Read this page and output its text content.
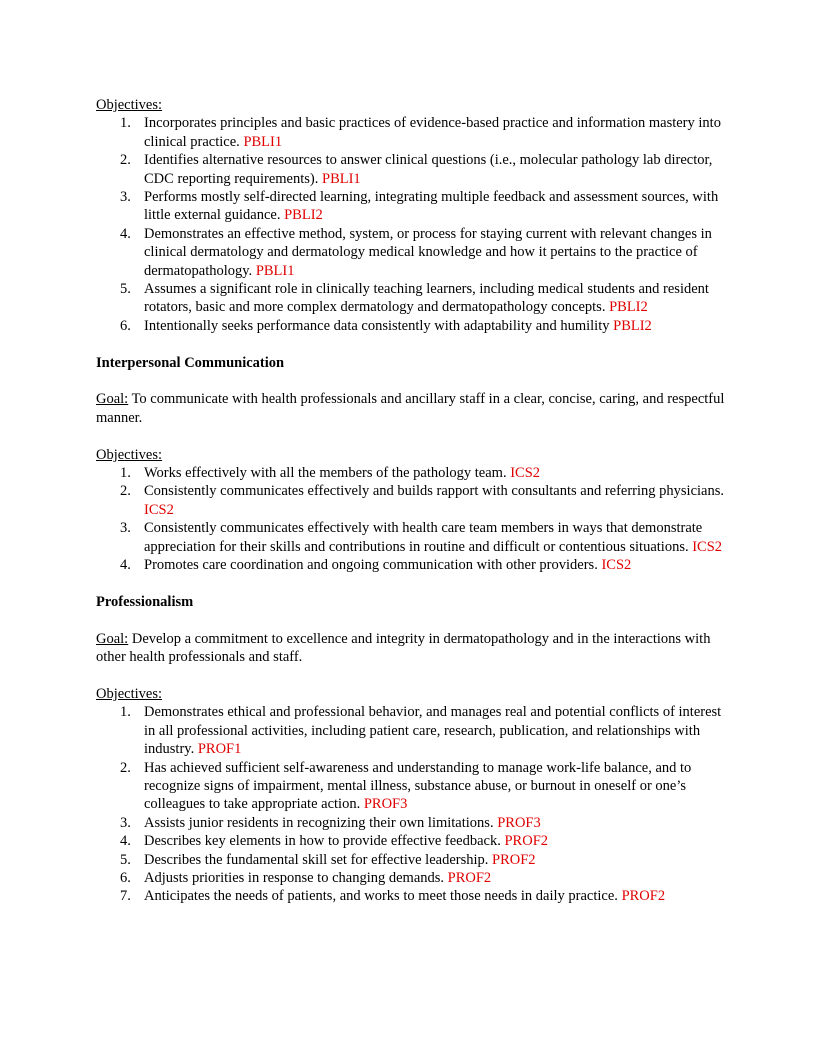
Objectives:
1. Incorporates principles and basic practices of evidence-based practice and information mastery into clinical practice. PBLI1
2. Identifies alternative resources to answer clinical questions (i.e., molecular pathology lab director, CDC reporting requirements). PBLI1
3. Performs mostly self-directed learning, integrating multiple feedback and assessment sources, with little external guidance. PBLI2
4. Demonstrates an effective method, system, or process for staying current with relevant changes in clinical dermatology and dermatology medical knowledge and how it pertains to the practice of dermatopathology. PBLI1
5. Assumes a significant role in clinically teaching learners, including medical students and resident rotators, basic and more complex dermatology and dermatopathology concepts. PBLI2
6. Intentionally seeks performance data consistently with adaptability and humility PBLI2
Interpersonal Communication
Goal: To communicate with health professionals and ancillary staff in a clear, concise, caring, and respectful manner.
Objectives:
1. Works effectively with all the members of the pathology team. ICS2
2. Consistently communicates effectively and builds rapport with consultants and referring physicians. ICS2
3. Consistently communicates effectively with health care team members in ways that demonstrate appreciation for their skills and contributions in routine and difficult or contentious situations. ICS2
4. Promotes care coordination and ongoing communication with other providers. ICS2
Professionalism
Goal: Develop a commitment to excellence and integrity in dermatopathology and in the interactions with other health professionals and staff.
Objectives:
1. Demonstrates ethical and professional behavior, and manages real and potential conflicts of interest in all professional activities, including patient care, research, publication, and relationships with industry. PROF1
2. Has achieved sufficient self-awareness and understanding to manage work-life balance, and to recognize signs of impairment, mental illness, substance abuse, or burnout in oneself or one’s colleagues to take appropriate action. PROF3
3. Assists junior residents in recognizing their own limitations. PROF3
4. Describes key elements in how to provide effective feedback. PROF2
5. Describes the fundamental skill set for effective leadership. PROF2
6. Adjusts priorities in response to changing demands. PROF2
7. Anticipates the needs of patients, and works to meet those needs in daily practice. PROF2
